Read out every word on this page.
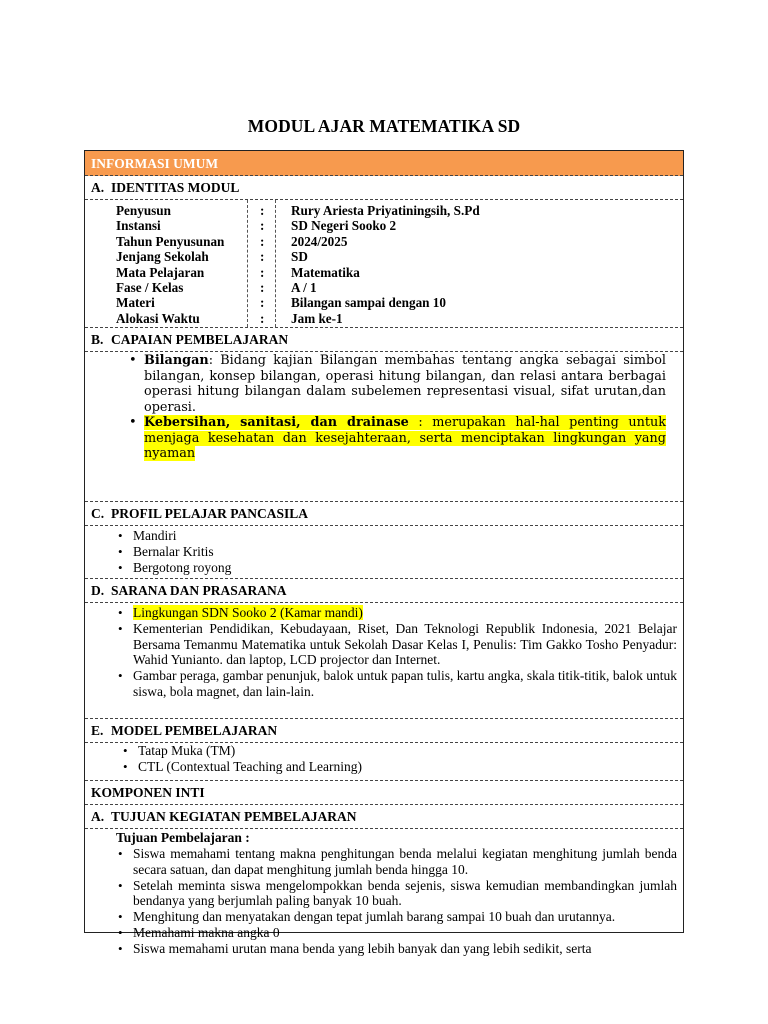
MODUL AJAR MATEMATIKA SD
INFORMASI UMUM
A. IDENTITAS MODUL
Penyusun
Instansi
Tahun Penyusunan
Jenjang Sekolah
Mata Pelajaran
Fase / Kelas
Materi
Alokasi Waktu
:
:
:
:
:
:
:
:
Rury Ariesta Priyatiningsih, S.Pd
SD Negeri Sooko 2
2024/2025
SD
Matematika
A / 1
Bilangan sampai dengan 10
Jam ke-1
B. CAPAIAN PEMBELAJARAN
• Bilangan: Bidang kajian Bilangan membahas tentang angka sebagai simbol bilangan, konsep bilangan, operasi hitung bilangan, dan relasi antara berbagai operasi hitung bilangan dalam subelemen representasi visual, sifat urutan,dan operasi.
• Kebersihan, sanitasi, dan drainase : merupakan hal-hal penting untuk menjaga kesehatan dan kesejahteraan, serta menciptakan lingkungan yang nyaman
C. PROFIL PELAJAR PANCASILA
• Mandiri
• Bernalar Kritis
• Bergotong royong
D. SARANA DAN PRASARANA
• Lingkungan SDN Sooko 2 (Kamar mandi)
• Kementerian Pendidikan, Kebudayaan, Riset, Dan Teknologi Republik Indonesia, 2021 Belajar Bersama Temanmu Matematika untuk Sekolah Dasar Kelas I, Penulis: Tim Gakko Tosho Penyadur: Wahid Yunianto. dan laptop, LCD projector dan Internet.
• Gambar peraga, gambar penunjuk, balok untuk papan tulis, kartu angka, skala titik-titik, balok untuk siswa, bola magnet, dan lain-lain.
E. MODEL PEMBELAJARAN
• Tatap Muka (TM)
• CTL (Contextual Teaching and Learning)
KOMPONEN INTI
A. TUJUAN KEGIATAN PEMBELAJARAN
Tujuan Pembelajaran :
• Siswa memahami tentang makna penghitungan benda melalui kegiatan menghitung jumlah benda secara satuan, dan dapat menghitung jumlah benda hingga 10.
• Setelah meminta siswa mengelompokkan benda sejenis, siswa kemudian membandingkan jumlah bendanya yang berjumlah paling banyak 10 buah.
• Menghitung dan menyatakan dengan tepat jumlah barang sampai 10 buah dan urutannya.
• Memahami makna angka 0
• Siswa memahami urutan mana benda yang lebih banyak dan yang lebih sedikit, serta
